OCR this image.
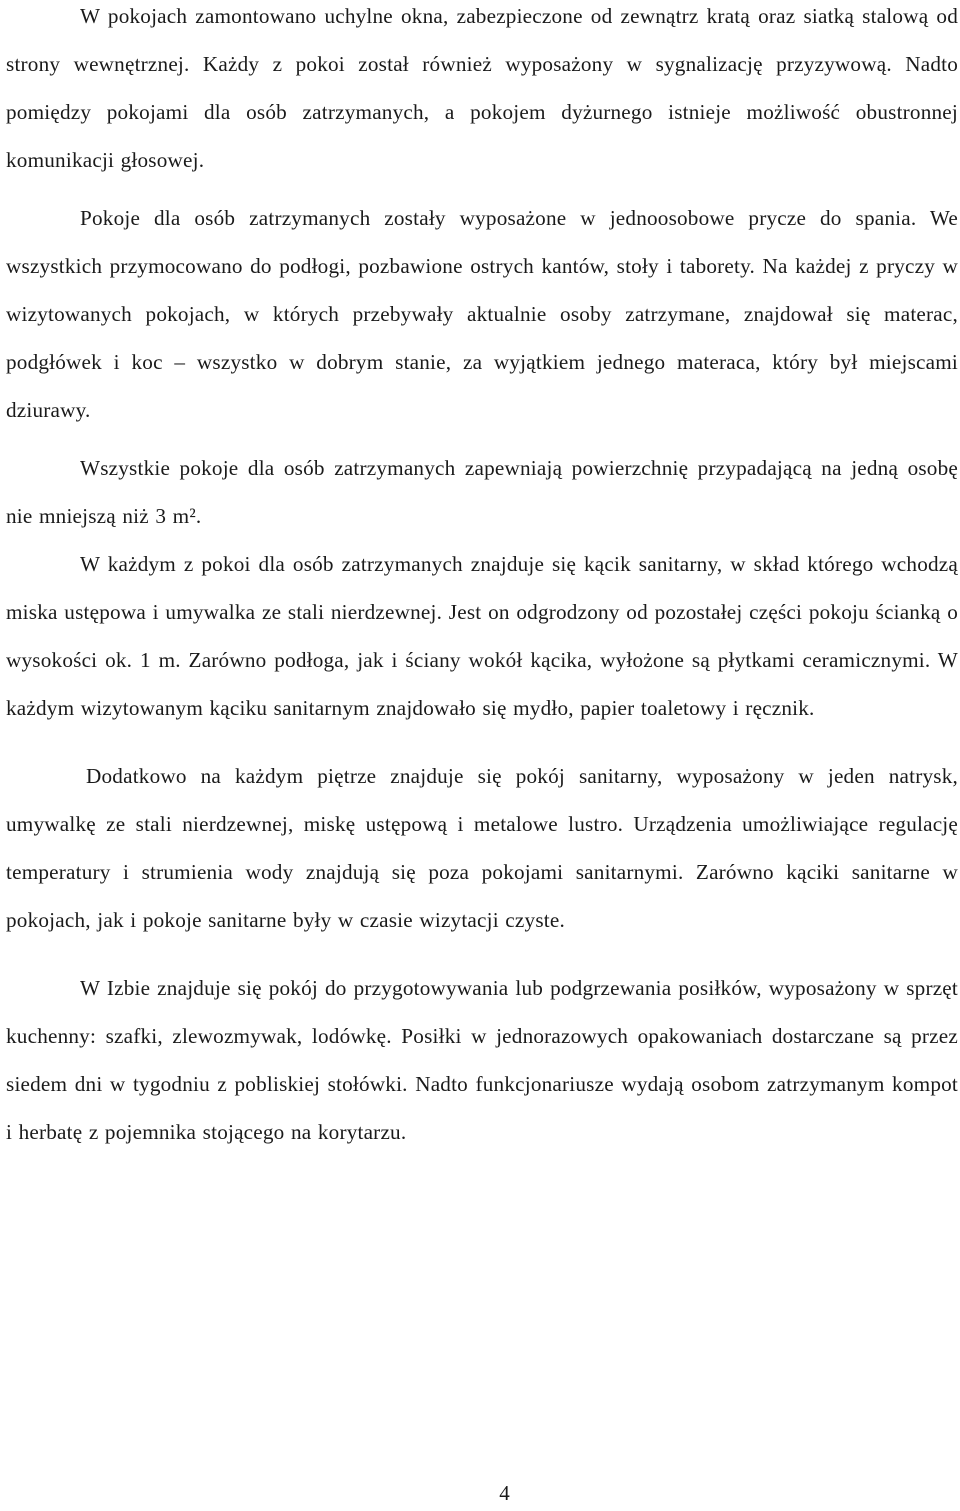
W pokojach zamontowano uchylne okna, zabezpieczone od zewnątrz kratą oraz siatką stalową od strony wewnętrznej. Każdy z pokoi został również wyposażony w sygnalizację przyzywową. Nadto pomiędzy pokojami dla osób zatrzymanych, a pokojem dyżurnego istnieje możliwość obustronnej komunikacji głosowej.

Pokoje dla osób zatrzymanych zostały wyposażone w jednoosobowe prycze do spania. We wszystkich przymocowano do podłogi, pozbawione ostrych kantów, stoły i taborety. Na każdej z pryczy w wizytowanych pokojach, w których przebywały aktualnie osoby zatrzymane, znajdował się materac, podgłówek i koc – wszystko w dobrym stanie, za wyjątkiem jednego materaca, który był miejscami dziurawy.

Wszystkie pokoje dla osób zatrzymanych zapewniają powierzchnię przypadającą na jedną osobę nie mniejszą niż 3 m².

W każdym z pokoi dla osób zatrzymanych znajduje się kącik sanitarny, w skład którego wchodzą miska ustępowa i umywalka ze stali nierdzewnej. Jest on odgrodzony od pozostałej części pokoju ścianką o wysokości ok. 1 m. Zarówno podłoga, jak i ściany wokół kącika, wyłożone są płytkami ceramicznymi. W każdym wizytowanym kąciku sanitarnym znajdowało się mydło, papier toaletowy i ręcznik.

Dodatkowo na każdym piętrze znajduje się pokój sanitarny, wyposażony w jeden natrysk, umywalkę ze stali nierdzewnej, miskę ustępową i metalowe lustro. Urządzenia umożliwiające regulację temperatury i strumienia wody znajdują się poza pokojami sanitarnymi. Zarówno kąciki sanitarne w pokojach, jak i pokoje sanitarne były w czasie wizytacji czyste.

W Izbie znajduje się pokój do przygotowywania lub podgrzewania posiłków, wyposażony w sprzęt kuchenny: szafki, zlewozmywak, lodówkę. Posiłki w jednorazowych opakowaniach dostarczane są przez siedem dni w tygodniu z pobliskiej stołówki. Nadto funkcjonariusze wydają osobom zatrzymanym kompot i herbatę z pojemnika stojącego na korytarzu.

4
